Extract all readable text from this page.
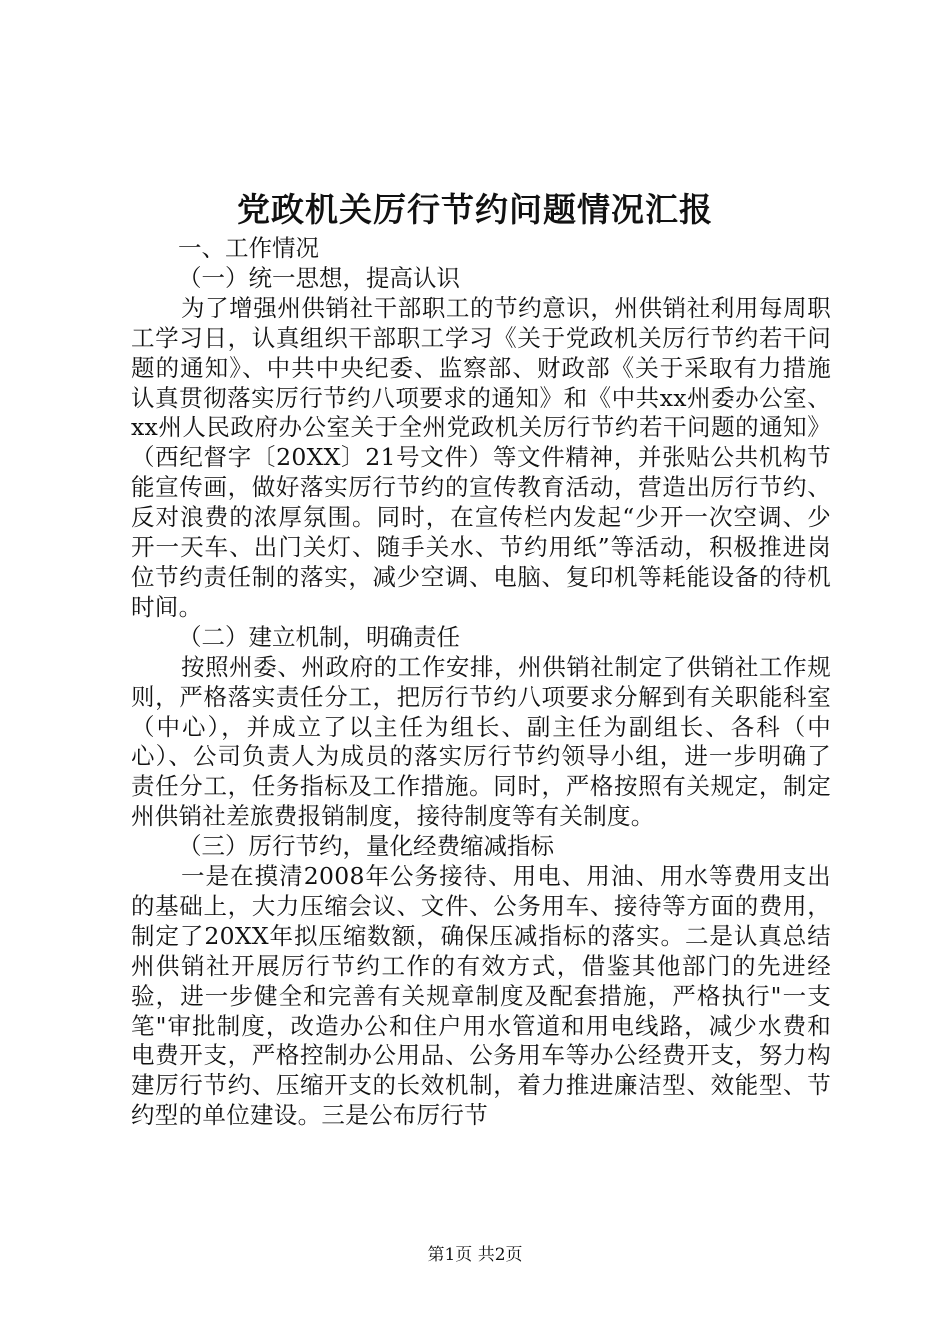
党政机关厉行节约问题情况汇报
一、工作情况
（一）统一思想，提高认识

为了增强州供销社干部职工的节约意识，州供销社利用每周职工学习日，认真组织干部职工学习《关于党政机关厉行节约若干问题的通知》、中共中央纪委、监察部、财政部《关于采取有力措施认真贯彻落实厉行节约八项要求的通知》和《中共xx州委办公室、xx州人民政府办公室关于全州党政机关厉行节约若干问题的通知》（西纪督字〔20XX〕21号文件）等文件精神，并张贴公共机构节能宣传画，做好落实厉行节约的宣传教育活动，营造出厉行节约、反对浪费的浓厚氛围。同时，在宣传栏内发起“少开一次空调、少开一天车、出门关灯、随手关水、节约用纸”等活动，积极推进岗位节约责任制的落实，减少空调、电脑、复印机等耗能设备的待机时间。

（二）建立机制，明确责任

按照州委、州政府的工作安排，州供销社制定了供销社工作规则，严格落实责任分工，把厉行节约八项要求分解到有关职能科室（中心），并成立了以主任为组长、副主任为副组长、各科（中心）、公司负责人为成员的落实厉行节约领导小组，进一步明确了责任分工，任务指标及工作措施。同时，严格按照有关规定，制定州供销社差旅费报销制度，接待制度等有关制度。

（三）厉行节约，量化经费缩减指标

一是在摸清2008年公务接待、用电、用油、用水等费用支出的基础上，大力压缩会议、文件、公务用车、接待等方面的费用，制定了20XX年拟压缩数额，确保压减指标的落实。二是认真总结州供销社开展厉行节约工作的有效方式，借鉴其他部门的先进经验，进一步健全和完善有关规章制度及配套措施，严格执行"一支笔"审批制度，改造办公和住户用水管道和用电线路，减少水费和电费开支，严格控制办公用品、公务用车等办公经费开支，努力构建厉行节约、压缩开支的长效机制，着力推进廉洁型、效能型、节约型的单位建设。三是公布厉行节

第1页 共2页
